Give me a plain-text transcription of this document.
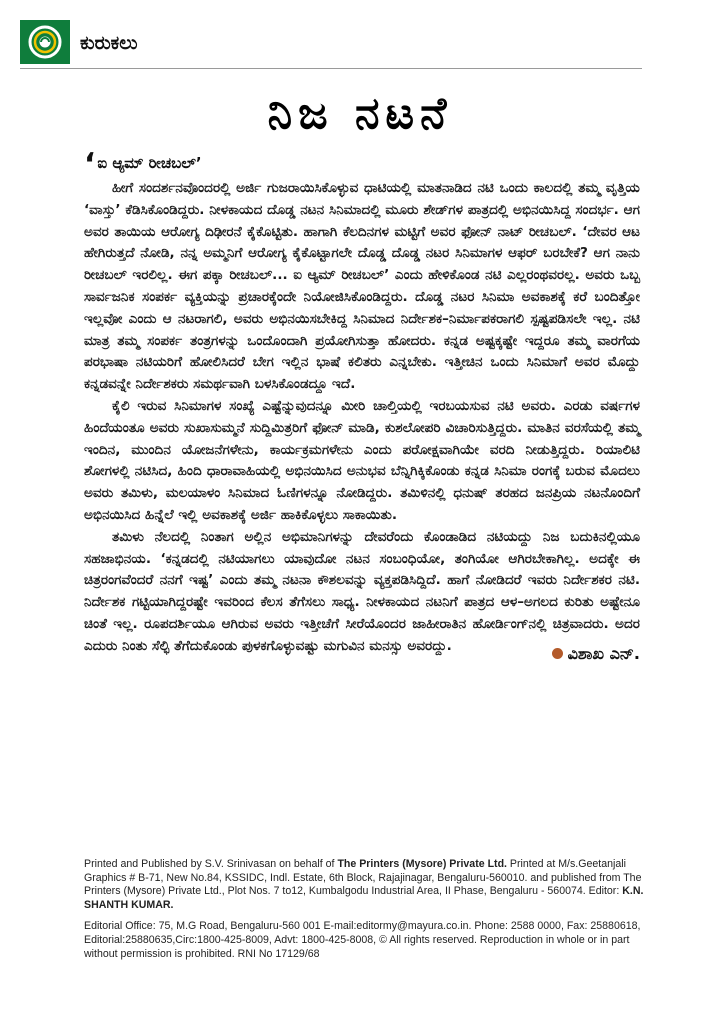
ಕುರುಕಲು
ನಿಜ ನಟನೆ

‘ ಐ ಆ್ಯಮ್ ರೀಚಬಲ್’

ಹೀಗೆ ಸಂದರ್ಶನವೊಂದರಲ್ಲಿ ಅರ್ಜಿ ಗುಜರಾಯಿಸಿಕೊಳ್ಳುವ ಧಾಟಿಯಲ್ಲಿ ಮಾತನಾಡಿದ ನಟಿ ಒಂದು ಕಾಲದಲ್ಲಿ ತಮ್ಮ ವೃತ್ತಿಯ ‘ವಾಸ್ತು’ ಕೆಡಿಸಿಕೊಂಡಿದ್ದರು. ನೀಳಕಾಯದ ದೊಡ್ಡ ನಟನ ಸಿನಿಮಾದಲ್ಲಿ ಮೂರು ಶೇಡ್‌ಗಳ ಪಾತ್ರದಲ್ಲಿ ಅಭಿನಯಿಸಿದ್ದ ಸಂದರ್ಭ. ಆಗ ಅವರ ತಾಯಿಯ ಆರೋಗ್ಯ ದಿಢೀರನೆ ಕೈಕೊಟ್ಟಿತು. ಹಾಗಾಗಿ ಕೆಲದಿನಗಳ ಮಟ್ಟಿಗೆ ಅವರ ಫೋನ್ ನಾಟ್ ರೀಚಬಲ್. ‘ದೇವರ ಆಟ ಹೇಗಿರುತ್ತದೆ ನೋಡಿ, ನನ್ನ ಅಮ್ಮನಿಗೆ ಆರೋಗ್ಯ ಕೈಕೊಟ್ಟಾಗಲೇ ದೊಡ್ಡ ದೊಡ್ಡ ನಟರ ಸಿನಿಮಾಗಳ ಆಫರ್ ಬರಬೇಕೆ? ಆಗ ನಾನು ರೀಚಬಲ್ ಇರಲಿಲ್ಲ. ಈಗ ಪಕ್ಕಾ ರೀಚಬಲ್... ಐ ಆ್ಯಮ್ ರೀಚಬಲ್’ ಎಂದು ಹೇಳಿಕೊಂಡ ನಟಿ ಎಲ್ಲರಂಥವರಲ್ಲ. ಅವರು ಒಬ್ಬ ಸಾರ್ವಜನಿಕ ಸಂಪರ್ಕ ವ್ಯಕ್ತಿಯನ್ನು ಪ್ರಚಾರಕ್ಕೆಂದೇ ನಿಯೋಜಿಸಿಕೊಂಡಿದ್ದರು. ದೊಡ್ಡ ನಟರ ಸಿನಿಮಾ ಅವಕಾಶಕ್ಕೆ ಕರೆ ಬಂದಿತ್ತೋ ಇಲ್ಲವೋ ಎಂದು ಆ ನಟರಾಗಲಿ, ಅವರು ಅಭಿನಯಿಸಬೇಕಿದ್ದ ಸಿನಿಮಾದ ನಿರ್ದೇಶಕ–ನಿರ್ಮಾಪಕರಾಗಲಿ ಸ್ಪಷ್ಟಪಡಿಸಲೇ ಇಲ್ಲ. ನಟಿ ಮಾತ್ರ ತಮ್ಮ ಸಂಪರ್ಕ ತಂತ್ರಗಳನ್ನು ಒಂದೊಂದಾಗಿ ಪ್ರಯೋಗಿಸುತ್ತಾ ಹೋದರು. ಕನ್ನಡ ಅಷ್ಟಕ್ಕಷ್ಟೇ ಇದ್ದರೂ ತಮ್ಮ ವಾರಗೆಯ ಪರಭಾಷಾ ನಟಿಯರಿಗೆ ಹೋಲಿಸಿದರೆ ಬೇಗ ಇಲ್ಲಿನ ಭಾಷೆ ಕಲಿತರು ಎನ್ನಬೇಕು. ಇತ್ತೀಚಿನ ಒಂದು ಸಿನಿಮಾಗೆ ಅವರ ಮೊದ್ದು ಕನ್ನಡವನ್ನೇ ನಿರ್ದೇಶಕರು ಸಮರ್ಥವಾಗಿ ಬಳಸಿಕೊಂಡದ್ದೂ ಇದೆ.

ಕೈಲಿ ಇರುವ ಸಿನಿಮಾಗಳ ಸಂಖ್ಯೆ ಎಷ್ಟೆನ್ನುವುದನ್ನೂ ಮೀರಿ ಚಾಲ್ತಿಯಲ್ಲಿ ಇರಬಯಸುವ ನಟಿ ಅವರು. ಎರಡು ವರ್ಷಗಳ ಹಿಂದೆಯಂತೂ ಅವರು ಸುಖಾಸುಮ್ಮನೆ ಸುದ್ದಿಮಿತ್ರರಿಗೆ ಫೋನ್ ಮಾಡಿ, ಕುಶಲೋಪರಿ ವಿಚಾರಿಸುತ್ತಿದ್ದರು. ಮಾತಿನ ವರಸೆಯಲ್ಲಿ ತಮ್ಮ ಇಂದಿನ, ಮುಂದಿನ ಯೋಜನೆಗಳೇನು, ಕಾರ್ಯಕ್ರಮಗಳೇನು ಎಂದು ಪರೋಕ್ಷವಾಗಿಯೇ ವರದಿ ನೀಡುತ್ತಿದ್ದರು. ರಿಯಾಲಿಟಿ ಶೋಗಳಲ್ಲಿ ನಟಿಸಿದ, ಹಿಂದಿ ಧಾರಾವಾಹಿಯಲ್ಲಿ ಅಭಿನಯಿಸಿದ ಅನುಭವ ಬೆನ್ನಿಗಿಕ್ಕಿಕೊಂಡು ಕನ್ನಡ ಸಿನಿಮಾ ರಂಗಕ್ಕೆ ಬರುವ ಮೊದಲು ಅವರು ತಮಿಳು, ಮಲಯಾಳಂ ಸಿನಿಮಾದ ಓಣಿಗಳನ್ನೂ ನೋಡಿದ್ದರು. ತಮಿಳಿನಲ್ಲಿ ಧನುಷ್ ತರಹದ ಜನಪ್ರಿಯ ನಟನೊಂದಿಗೆ ಅಭಿನಯಿಸಿದ ಹಿನ್ನೆಲೆ ಇಲ್ಲಿ ಅವಕಾಶಕ್ಕೆ ಅರ್ಜಿ ಹಾಕಿಕೊಳ್ಳಲು ಸಾಕಾಯಿತು.

ತಮಿಳು ನೆಲದಲ್ಲಿ ನಿಂತಾಗ ಅಲ್ಲಿನ ಅಭಿಮಾನಿಗಳನ್ನು ದೇವರೆಂದು ಕೊಂಡಾಡಿದ ನಟಿಯದ್ದು ನಿಜ ಬದುಕಿನಲ್ಲಿಯೂ ಸಹಜಾಭಿನಯ. ‘ಕನ್ನಡದಲ್ಲಿ ನಟಿಯಾಗಲು ಯಾವುದೋ ನಟನ ಸಂಬಂಧಿಯೋ, ತಂಗಿಯೋ ಆಗಿರಬೇಕಾಗಿಲ್ಲ. ಅದಕ್ಕೇ ಈ ಚಿತ್ರರಂಗವೆಂದರೆ ನನಗೆ ಇಷ್ಟ’ ಎಂದು ತಮ್ಮ ನಟನಾ ಕೌಶಲವನ್ನು ವ್ಯಕ್ತಪಡಿಸಿದ್ದಿದೆ. ಹಾಗೆ ನೋಡಿದರೆ ಇವರು ನಿರ್ದೇಶಕರ ನಟಿ. ನಿರ್ದೇಶಕ ಗಟ್ಟಿಯಾಗಿದ್ದರಷ್ಟೇ ಇವರಿಂದ ಕೆಲಸ ತೆಗೆಸಲು ಸಾಧ್ಯ. ನೀಳಕಾಯದ ನಟನಿಗೆ ಪಾತ್ರದ ಆಳ–ಅಗಲದ ಕುರಿತು ಅಷ್ಟೇನೂ ಚಿಂತೆ ಇಲ್ಲ. ರೂಪದರ್ಶಿಯೂ ಆಗಿರುವ ಅವರು ಇತ್ತೀಚೆಗೆ ಸೀರೆಯೊಂದರ ಜಾಹೀರಾತಿನ ಹೋರ್ಡಿಂಗ್‌ನಲ್ಲಿ ಚಿತ್ರವಾದರು. ಅದರ ಎದುರು ನಿಂತು ಸೆಲ್ಫಿ ತೆಗೆದುಕೊಂಡು ಪುಳಕಗೊಳ್ಳುವಷ್ಟು ಮಗುವಿನ ಮನಸ್ಸು ಅವರದ್ದು.	ವಿಶಾಖ ಎನ್.

Printed and Published by S.V. Srinivasan on behalf of The Printers (Mysore) Private Ltd. Printed at M/s.Geetanjali Graphics # B-71, New No.84, KSSIDC, Indl. Estate, 6th Block, Rajajinagar, Bengaluru-560010. and published from The Printers (Mysore) Private Ltd., Plot Nos. 7 to12, Kumbalgodu Industrial Area, II Phase, Bengaluru - 560074. Editor: K.N. SHANTH KUMAR.

Editorial Office: 75, M.G Road, Bengaluru-560 001 E-mail:editormy@mayura.co.in. Phone: 2588 0000, Fax: 25880618, Editorial:25880635,Circ:1800-425-8009, Advt: 1800-425-8008, © All rights reserved. Reproduction in whole or in part without permission is prohibited. RNI No 17129/68
